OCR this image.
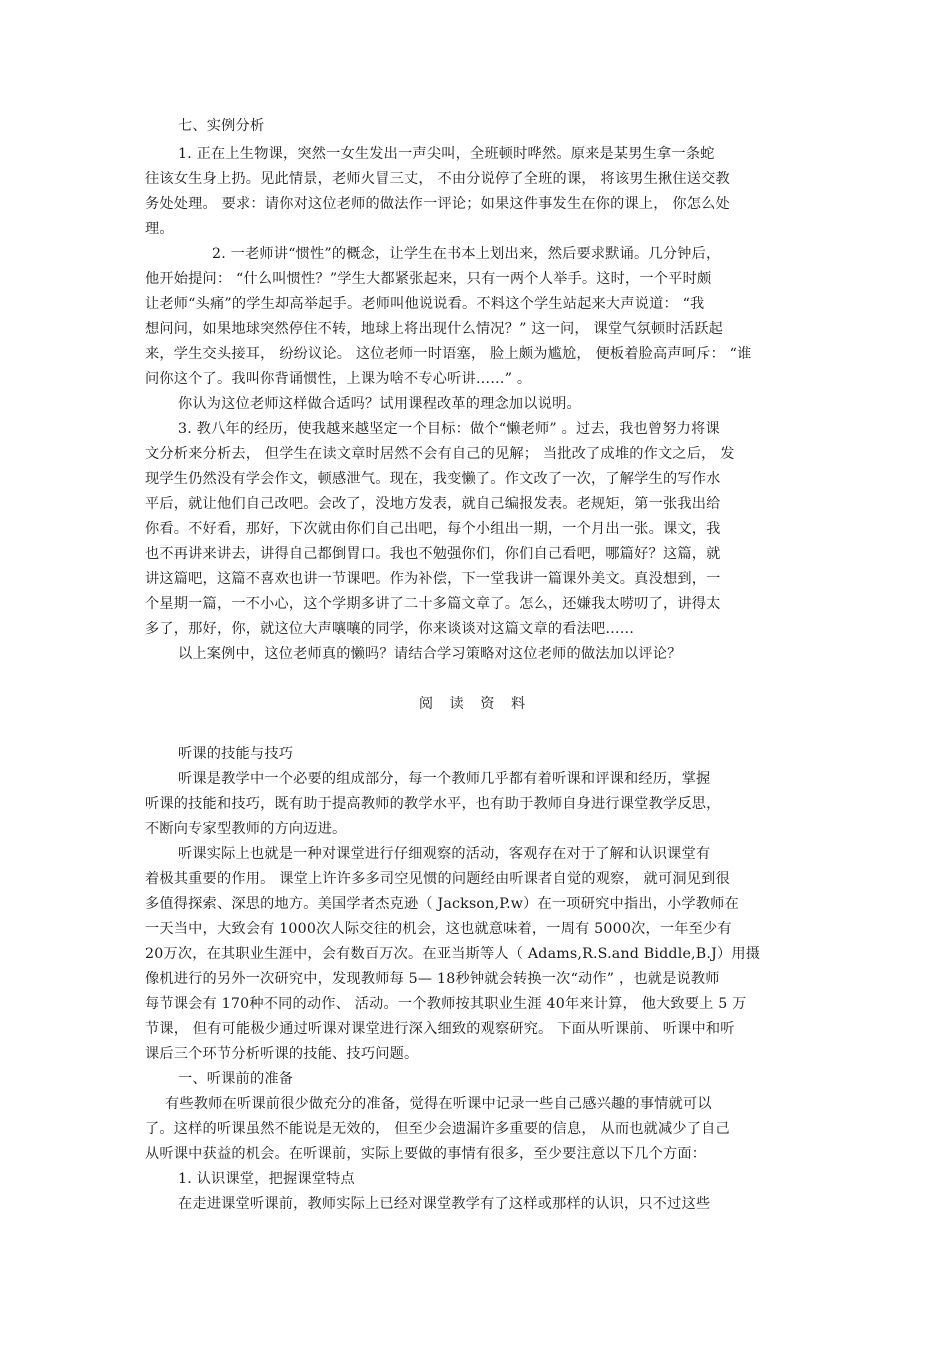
七、实例分析
1. 正在上生物课，突然一女生发出一声尖叫，全班顿时哗然。原来是某男生拿一条蛇
往该女生身上扔。见此情景，老师火冒三丈， 不由分说停了全班的课， 将该男生揪住送交教
务处处理。 要求：请你对这位老师的做法作一评论；如果这件事发生在你的课上， 你怎么处
理。
2. 一老师讲“惯性”的概念，让学生在书本上划出来，然后要求默诵。几分钟后，
他开始提问： “什么叫惯性？”学生大都紧张起来，只有一两个人举手。这时，一个平时颇
让老师“头痛”的学生却高举起手。老师叫他说说看。不料这个学生站起来大声说道： “我
想问问，如果地球突然停住不转，地球上将出现什么情况？” 这一问， 课堂气氛顿时活跃起
来，学生交头接耳， 纷纷议论。 这位老师一时语塞， 脸上颇为尴尬， 便板着脸高声呵斥： “谁
问你这个了。我叫你背诵惯性，上课为啥不专心听讲……” 。
你认为这位老师这样做合适吗？试用课程改革的理念加以说明。
3. 教八年的经历，使我越来越坚定一个目标：做个“懒老师” 。过去，我也曾努力将课
文分析来分析去， 但学生在读文章时居然不会有自己的见解； 当批改了成堆的作文之后， 发
现学生仍然没有学会作文，顿感泄气。现在，我变懒了。作文改了一次，了解学生的写作水
平后，就让他们自己改吧。会改了，没地方发表，就自己编报发表。老规矩，第一张我出给
你看。不好看，那好，下次就由你们自己出吧，每个小组出一期，一个月出一张。课文，我
也不再讲来讲去，讲得自己都倒胃口。我也不勉强你们，你们自己看吧，哪篇好？这篇，就
讲这篇吧，这篇不喜欢也讲一节课吧。作为补偿，下一堂我讲一篇课外美文。真没想到，一
个星期一篇，一不小心，这个学期多讲了二十多篇文章了。怎么，还嫌我太唠叨了，讲得太
多了，那好，你，就这位大声嚷嚷的同学，你来谈谈对这篇文章的看法吧……
以上案例中，这位老师真的懒吗？请结合学习策略对这位老师的做法加以评论？
阅 读 资 料
听课的技能与技巧
听课是教学中一个必要的组成部分，每一个教师几乎都有着听课和评课和经历，掌握
听课的技能和技巧，既有助于提高教师的教学水平，也有助于教师自身进行课堂教学反思，
不断向专家型教师的方向迈进。
听课实际上也就是一种对课堂进行仔细观察的活动，客观存在对于了解和认识课堂有
着极其重要的作用。 课堂上许许多多司空见惯的问题经由听课者自觉的观察， 就可洞见到很
多值得探索、深思的地方。美国学者杰克逊（ Jackson,P.w）在一项研究中指出，小学教师在
一天当中，大致会有 1000次人际交往的机会，这也就意味着，一周有 5000次，一年至少有
20万次，在其职业生涯中，会有数百万次。在亚当斯等人（ Adams,R.S.and Biddle,B.J）用摄
像机进行的另外一次研究中，发现教师每 5— 18秒钟就会转换一次“动作” ，也就是说教师
每节课会有 170种不同的动作、 活动。一个教师按其职业生涯 40年来计算， 他大致要上 5 万
节课， 但有可能极少通过听课对课堂进行深入细致的观察研究。 下面从听课前、 听课中和听
课后三个环节分析听课的技能、技巧问题。
一、听课前的准备
有些教师在听课前很少做充分的准备，觉得在听课中记录一些自己感兴趣的事情就可以
了。这样的听课虽然不能说是无效的， 但至少会遗漏许多重要的信息， 从而也就减少了自己
从听课中获益的机会。在听课前，实际上要做的事情有很多，至少要注意以下几个方面：
1. 认识课堂，把握课堂特点
在走进课堂听课前，教师实际上已经对课堂教学有了这样或那样的认识，只不过这些
